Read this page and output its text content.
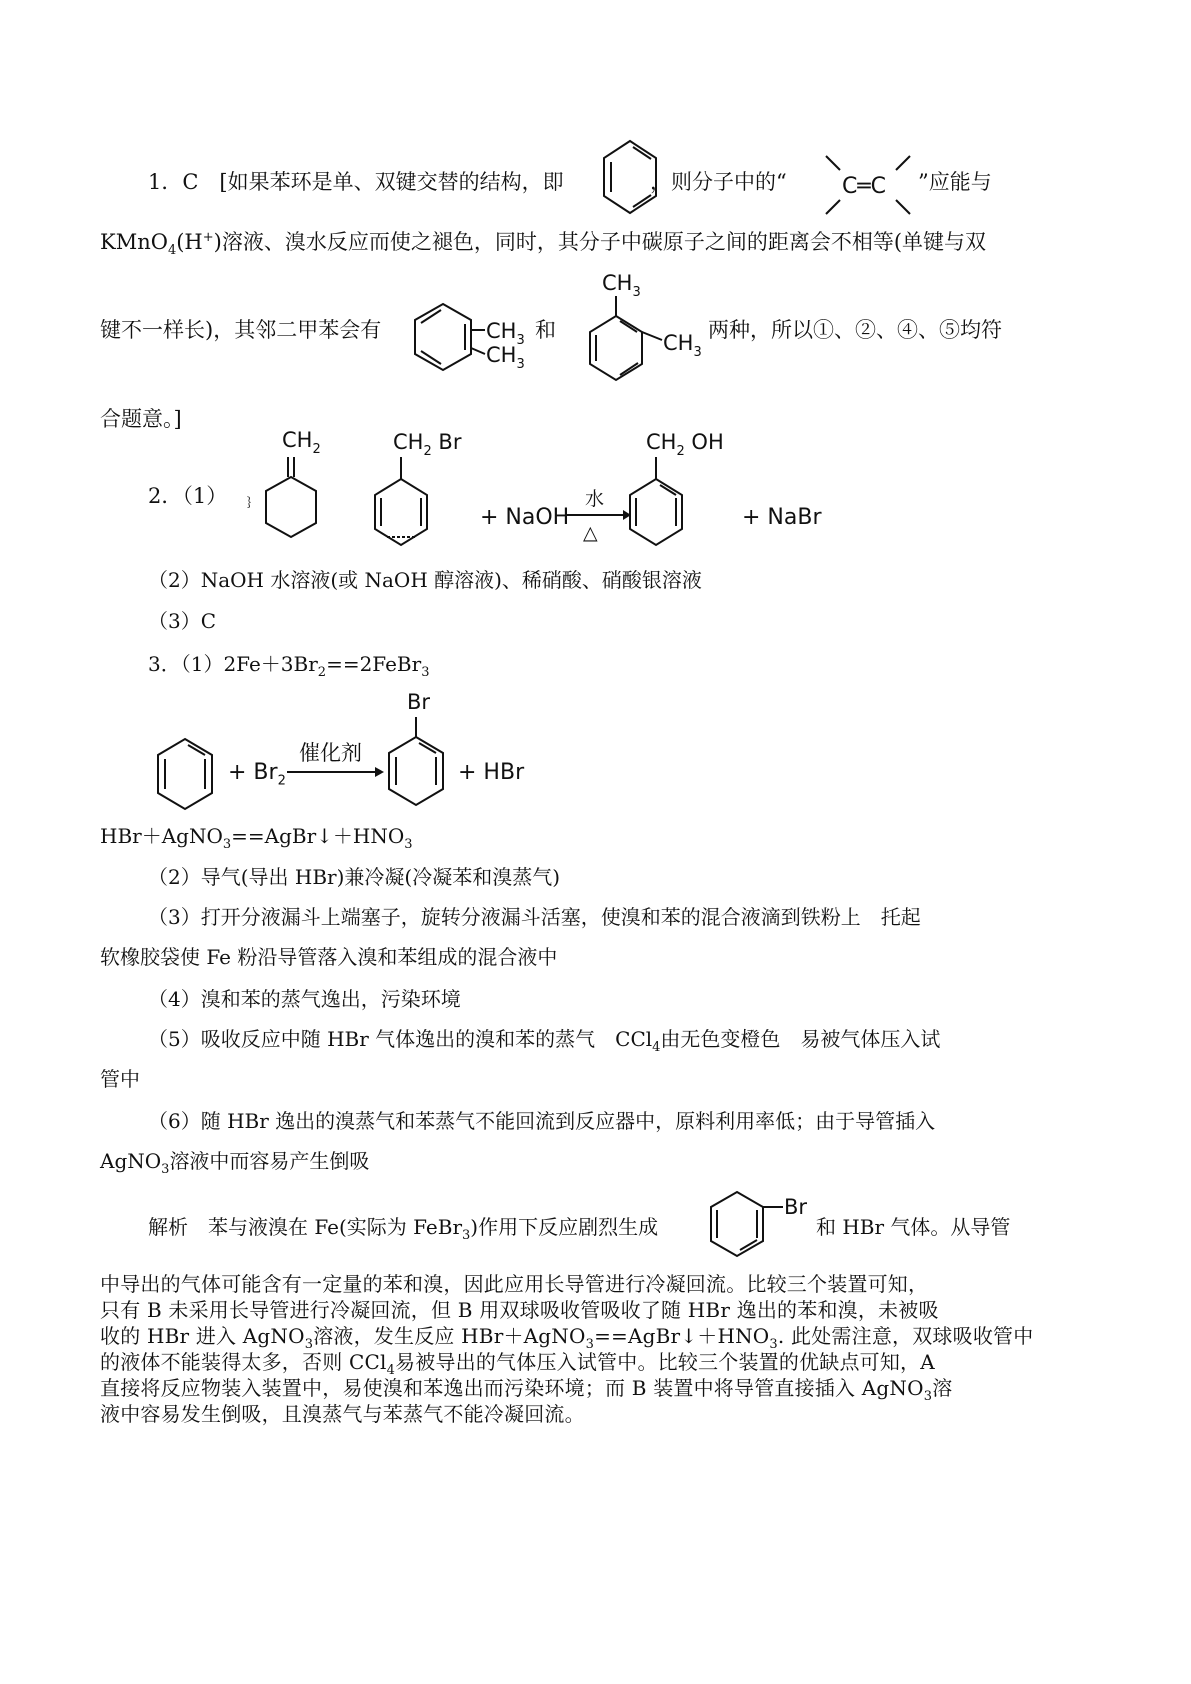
1．C　[如果苯环是单、双键交替的结构，即	，则分子中的“	C═C ”应能与
KMnO$_4$(H+)溶液、溴水反应而使之褪色，同时，其分子中碳原子之间的距离会不相等(单键与双
键不一样长)，其邻二甲苯会有	$CH_3$
$CH_3$
和
$CH_3$
$CH_3$
两种，所以①、②、④、⑤均符
合题意。]
2．（1） ﹜
$CH_2$	$CH_2$ Br
+ NaOH
水
△
$CH_2$ OH
+ NaBr
（2）NaOH 水溶液(或 NaOH 醇溶液)、稀硝酸、硝酸银溶液
（3）C
3．$(1)2Fe+3Br_2==2FeBr_3$
+ $Br_2$
催化剂
Br
+ HBr
$HBr+AgNO_3==AgBr↓+HNO_3$
（2）导气(导出 HBr)兼冷凝(冷凝苯和溴蒸气)
（3）打开分液漏斗上端塞子，旋转分液漏斗活塞，使溴和苯的混合液滴到铁粉上　托起
软橡胶袋使 Fe 粉沿导管落入溴和苯组成的混合液中
（4）溴和苯的蒸气逸出，污染环境
（5）吸收反应中随 HBr 气体逸出的溴和苯的蒸气　CCl$_4$由无色变橙色　易被气体压入试
管中
（6）随 HBr 逸出的溴蒸气和苯蒸气不能回流到反应器中，原料利用率低；由于导管插入
AgNO$_3$溶液中而容易产生倒吸
解析　苯与液溴在 Fe(实际为 FeBr$_3$)作用下反应剧烈生成
Br
和 HBr 气体。从导管
中导出的气体可能含有一定量的苯和溴，因此应用长导管进行冷凝回流。比较三个装置可知，
只有 B 未采用长导管进行冷凝回流，但 B 用双球吸收管吸收了随 HBr 逸出的苯和溴，未被吸
收的 HBr 进入 AgNO$_3$溶液，发生反应 $HBr+AgNO_3==AgBr↓+HNO_3$. 此处需注意，双球吸收管中
的液体不能装得太多，否则 CCl$_4$易被导出的气体压入试管中。比较三个装置的优缺点可知，A
直接将反应物装入装置中，易使溴和苯逸出而污染环境；而 B 装置中将导管直接插入 AgNO$_3$溶
液中容易发生倒吸，且溴蒸气与苯蒸气不能冷凝回流。
